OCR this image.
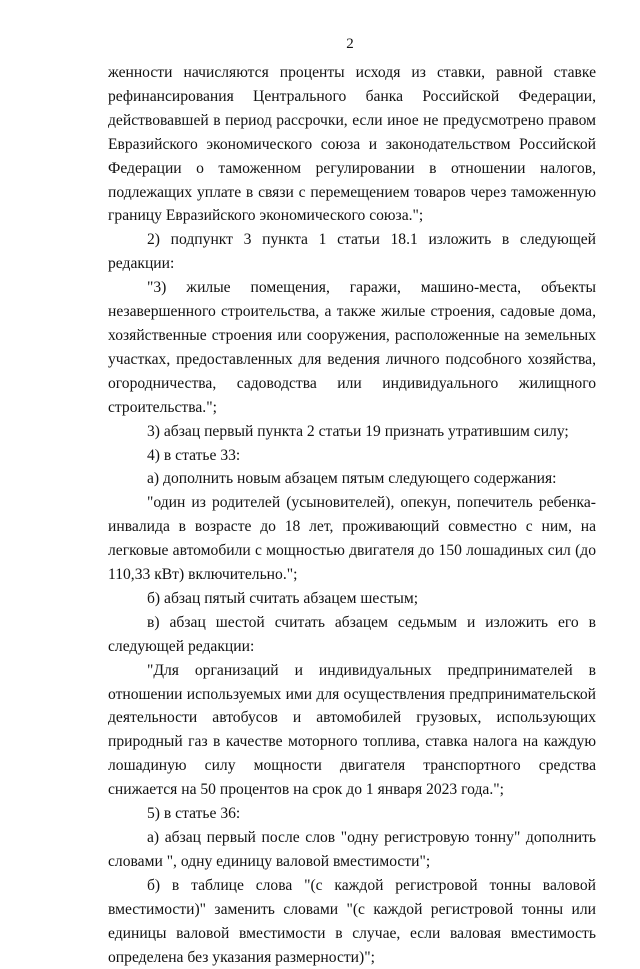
2

женности начисляются проценты исходя из ставки, равной ставке рефинансирования Центрального банка Российской Федерации, действовавшей в период рассрочки, если иное не предусмотрено правом Евразийского экономического союза и законодательством Российской Федерации о таможенном регулировании в отношении налогов, подлежащих уплате в связи с перемещением товаров через таможенную границу Евразийского экономического союза.";

2) подпункт 3 пункта 1 статьи 18.1 изложить в следующей редакции:

"3) жилые помещения, гаражи, машино-места, объекты незавершенного строительства, а также жилые строения, садовые дома, хозяйственные строения или сооружения, расположенные на земельных участках, предоставленных для ведения личного подсобного хозяйства, огородничества, садоводства или индивидуального жилищного строительства.";

3) абзац первый пункта 2 статьи 19 признать утратившим силу;

4) в статье 33:

а) дополнить новым абзацем пятым следующего содержания:

"один из родителей (усыновителей), опекун, попечитель ребенка-инвалида в возрасте до 18 лет, проживающий совместно с ним, на легковые автомобили с мощностью двигателя до 150 лошадиных сил (до 110,33 кВт) включительно.";

б) абзац пятый считать абзацем шестым;

в) абзац шестой считать абзацем седьмым и изложить его в следующей редакции:

"Для организаций и индивидуальных предпринимателей в отношении используемых ими для осуществления предпринимательской деятельности автобусов и автомобилей грузовых, использующих природный газ в качестве моторного топлива, ставка налога на каждую лошадиную силу мощности двигателя транспортного средства снижается на 50 процентов на срок до 1 января 2023 года.";

5) в статье 36:

а) абзац первый после слов "одну регистровую тонну" дополнить словами ", одну единицу валовой вместимости";

б) в таблице слова "(с каждой регистровой тонны валовой вместимости)" заменить словами "(с каждой регистровой тонны или единицы валовой вместимости в случае, если валовая вместимость определена без указания размерности)";
